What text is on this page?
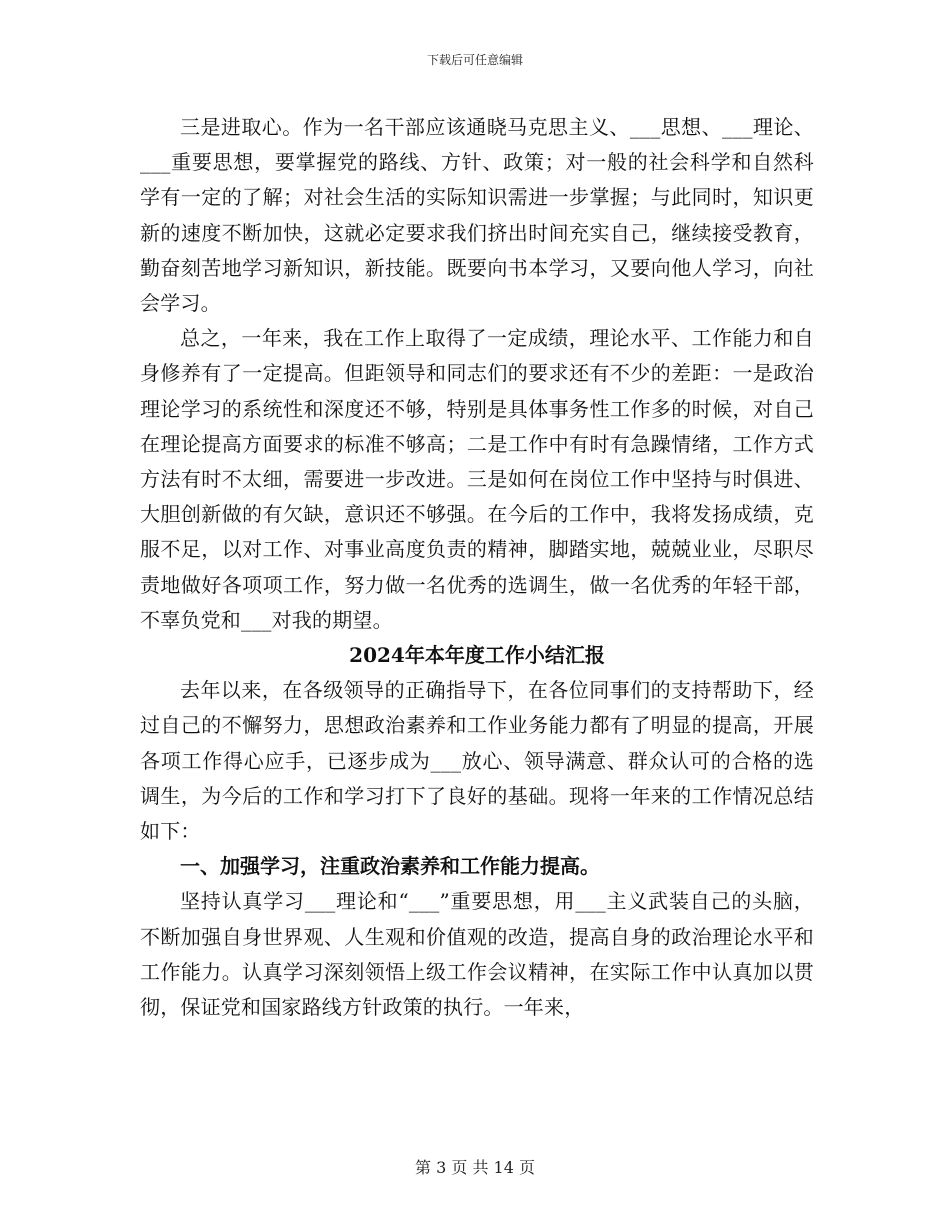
下载后可任意编辑

三是进取心。作为一名干部应该通晓马克思主义、___思想、___理论、___重要思想，要掌握党的路线、方针、政策；对一般的社会科学和自然科学有一定的了解；对社会生活的实际知识需进一步掌握；与此同时，知识更新的速度不断加快，这就必定要求我们挤出时间充实自己，继续接受教育，勤奋刻苦地学习新知识，新技能。既要向书本学习，又要向他人学习，向社会学习。

总之，一年来，我在工作上取得了一定成绩，理论水平、工作能力和自身修养有了一定提高。但距领导和同志们的要求还有不少的差距：一是政治理论学习的系统性和深度还不够，特别是具体事务性工作多的时候，对自己在理论提高方面要求的标准不够高；二是工作中有时有急躁情绪，工作方式方法有时不太细，需要进一步改进。三是如何在岗位工作中坚持与时俱进、大胆创新做的有欠缺，意识还不够强。在今后的工作中，我将发扬成绩，克服不足，以对工作、对事业高度负责的精神，脚踏实地，兢兢业业，尽职尽责地做好各项项工作，努力做一名优秀的选调生，做一名优秀的年轻干部，不辜负党和___对我的期望。

2024年本年度工作小结汇报

去年以来，在各级领导的正确指导下，在各位同事们的支持帮助下，经过自己的不懈努力，思想政治素养和工作业务能力都有了明显的提高，开展各项工作得心应手，已逐步成为___放心、领导满意、群众认可的合格的选调生，为今后的工作和学习打下了良好的基础。现将一年来的工作情况总结如下：

一、加强学习，注重政治素养和工作能力提高。

坚持认真学习___理论和“___”重要思想，用___主义武装自己的头脑，不断加强自身世界观、人生观和价值观的改造，提高自身的政治理论水平和工作能力。认真学习深刻领悟上级工作会议精神，在实际工作中认真加以贯彻，保证党和国家路线方针政策的执行。一年来，

第 3 页 共 14 页
